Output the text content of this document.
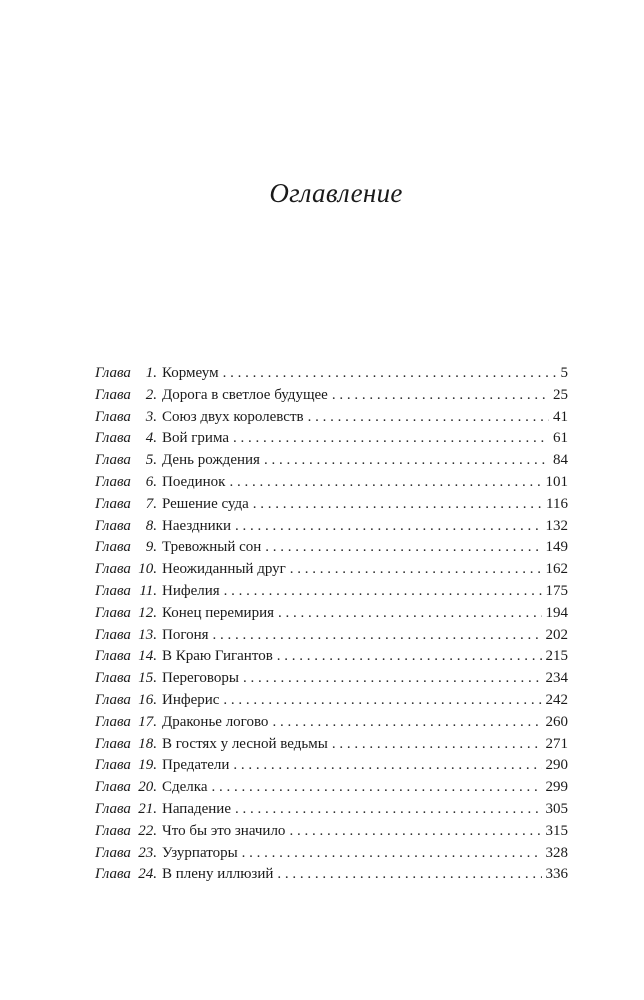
Оглавление
Глава 1. Кормеум . . .	5
Глава 2. Дорога в светлое будущее . . .	25
Глава 3. Союз двух королевств . . .	41
Глава 4. Вой грима . . .	61
Глава 5. День рождения . . .	84
Глава 6. Поединок . . .	101
Глава 7. Решение суда . . .	116
Глава 8. Наездники . . .	132
Глава 9. Тревожный сон . . .	149
Глава 10. Неожиданный друг . . .	162
Глава 11. Нифелия . . .	175
Глава 12. Конец перемирия . . .	194
Глава 13. Погоня . . .	202
Глава 14. В Краю Гигантов . . .	215
Глава 15. Переговоры . . .	234
Глава 16. Инферис . . .	242
Глава 17. Драконье логово . . .	260
Глава 18. В гостях у лесной ведьмы . . .	271
Глава 19. Предатели . . .	290
Глава 20. Сделка . . .	299
Глава 21. Нападение . . .	305
Глава 22. Что бы это значило . . .	315
Глава 23. Узурпаторы . . .	328
Глава 24. В плену иллюзий . . .	336
